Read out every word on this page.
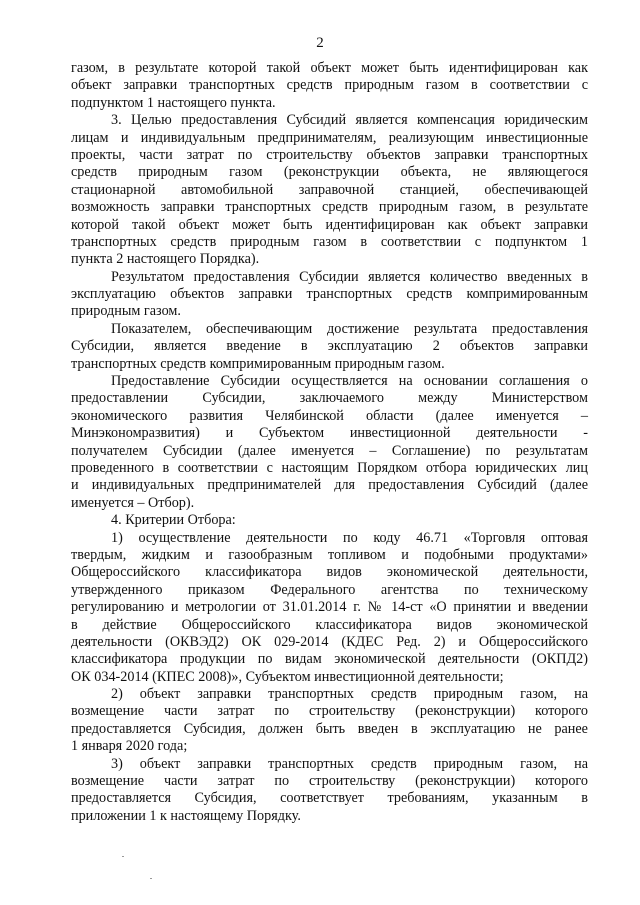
2
газом, в результате которой такой объект может быть идентифицирован как
объект заправки транспортных средств природным газом в соответствии с
подпунктом 1 настоящего пункта.
3. Целью предоставления Субсидий является компенсация юридическим
лицам и индивидуальным предпринимателям, реализующим инвестиционные
проекты, части затрат по строительству объектов заправки транспортных
средств природным газом (реконструкции объекта, не являющегося
стационарной автомобильной заправочной станцией, обеспечивающей
возможность заправки транспортных средств природным газом, в результате
которой такой объект может быть идентифицирован как объект заправки
транспортных средств природным газом в соответствии с подпунктом 1
пункта 2 настоящего Порядка).
Результатом предоставления Субсидии является количество введенных в
эксплуатацию объектов заправки транспортных средств компримированным
природным газом.
Показателем, обеспечивающим достижение результата предоставления
Субсидии, является введение в эксплуатацию 2 объектов заправки
транспортных средств компримированным природным газом.
Предоставление Субсидии осуществляется на основании соглашения о
предоставлении Субсидии, заключаемого между Министерством
экономического развития Челябинской области (далее именуется –
Минэкономразвития) и Субъектом инвестиционной деятельности -
получателем Субсидии (далее именуется – Соглашение) по результатам
проведенного в соответствии с настоящим Порядком отбора юридических лиц
и индивидуальных предпринимателей для предоставления Субсидий (далее
именуется – Отбор).
4. Критерии Отбора:
1) осуществление деятельности по коду 46.71 «Торговля оптовая
твердым, жидким и газообразным топливом и подобными продуктами»
Общероссийского классификатора видов экономической деятельности,
утвержденного приказом Федерального агентства по техническому
регулированию и метрологии от 31.01.2014 г. № 14-ст «О принятии и введении
в действие Общероссийского классификатора видов экономической
деятельности (ОКВЭД2) ОК 029-2014 (КДЕС Ред. 2) и Общероссийского
классификатора продукции по видам экономической деятельности (ОКПД2)
ОК 034-2014 (КПЕС 2008)», Субъектом инвестиционной деятельности;
2) объект заправки транспортных средств природным газом, на
возмещение части затрат по строительству (реконструкции) которого
предоставляется Субсидия, должен быть введен в эксплуатацию не ранее
1 января 2020 года;
3) объект заправки транспортных средств природным газом, на
возмещение части затрат по строительству (реконструкции) которого
предоставляется Субсидия, соответствует требованиям, указанным в
приложении 1 к настоящему Порядку.
